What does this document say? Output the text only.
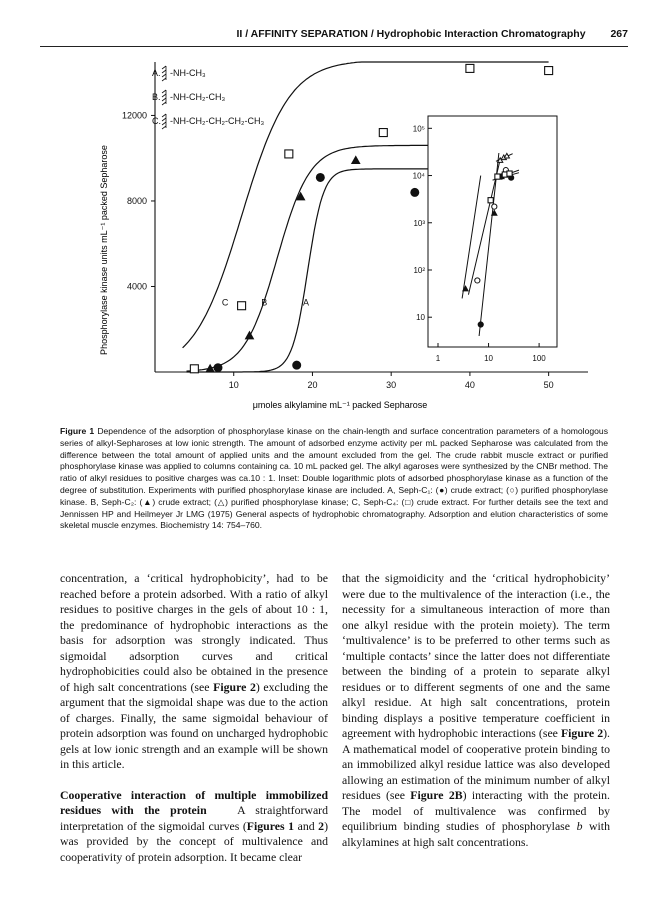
II / AFFINITY SEPARATION / Hydrophobic Interaction Chromatography 267
10	20	30	40	50
4000
8000
12000
μmoles alkylamine mL⁻¹ packed Sepharose
Phosphorylase kinase units mL⁻¹ packed Sepharose
A. -NH-CH₃
B. -NH-CH₂-CH₃
C. -NH-CH₂-CH₂-CH₂-CH₃
C	B	A
1	10	100
10
10²
10³
10⁴
10⁵
Figure 1 Dependence of the adsorption of phosphorylase kinase on the chain-length and surface concentration parameters of a homologous series of alkyl-Sepharoses at low ionic strength. The amount of adsorbed enzyme activity per mL packed Sepharose was calculated from the difference between the total amount of applied units and the amount excluded from the gel. The crude rabbit muscle extract or purified phosphorylase kinase was applied to columns containing ca. 10 mL packed gel. The alkyl agaroses were synthesized by the CNBr method. The ratio of alkyl residues to positive charges was ca.10 : 1. Inset: Double logarithmic plots of adsorbed phosphorylase kinase as a function of the degree of substitution. Experiments with purified phosphorylase kinase are included. A, Seph-C₁: (●) crude extract; (○) purified phosphorylase kinase. B, Seph-C₂: (▲) crude extract; (△) purified phosphorylase kinase; C, Seph-C₄: (□) crude extract. For further details see the text and Jennissen HP and Heilmeyer Jr LMG (1975) General aspects of hydrophobic chromatography. Adsorption and elution characteristics of some skeletal muscle enzymes. Biochemistry 14: 754–760.

concentration, a ‘critical hydrophobicity’, had to be reached before a protein adsorbed. With a ratio of alkyl residues to positive charges in the gels of about 10 : 1, the predominance of hydrophobic interactions as the basis for adsorption was strongly indicated. Thus sigmoidal adsorption curves and critical hydrophobicities could also be obtained in the presence of high salt concentrations (see Figure 2) excluding the argument that the sigmoidal shape was due to the action of charges. Finally, the same sigmoidal behaviour of protein adsorption was found on uncharged hydrophobic gels at low ionic strength and an example will be shown in this article.

Cooperative interaction of multiple immobilized residues with the protein	A straightforward interpretation of the sigmoidal curves (Figures 1 and 2) was provided by the concept of multivalence and cooperativity of protein adsorption. It became clear

that the sigmoidicity and the ‘critical hydrophobicity’ were due to the multivalence of the interaction (i.e., the necessity for a simultaneous interaction of more than one alkyl residue with the protein moiety). The term ‘multivalence’ is to be preferred to other terms such as ‘multiple contacts’ since the latter does not differentiate between the binding of a protein to separate alkyl residues or to different segments of one and the same alkyl residue. At high salt concentrations, protein binding displays a positive temperature coefficient in agreement with hydrophobic interactions (see Figure 2). A mathematical model of cooperative protein binding to an immobilized alkyl residue lattice was also developed allowing an estimation of the minimum number of alkyl residues (see Figure 2B) interacting with the protein. The model of multivalence was confirmed by equilibrium binding studies of phosphorylase b with alkylamines at high salt concentrations.
